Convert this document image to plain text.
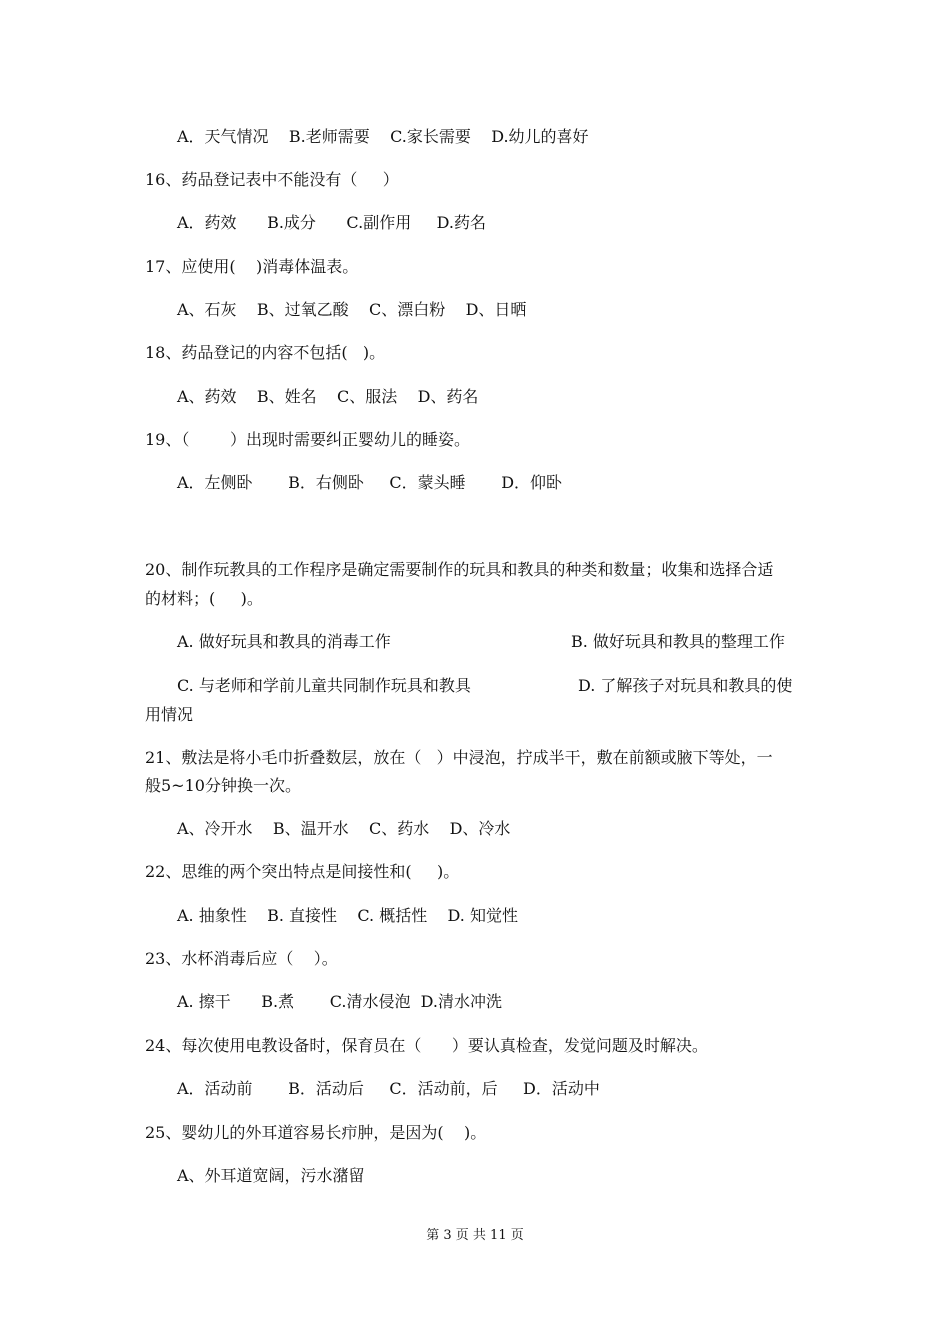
A．天气情况    B.老师需要    C.家长需要    D.幼儿的喜好
16、药品登记表中不能没有（     ）
A．药效      B.成分      C.副作用     D.药名
17、应使用(    )消毒体温表。
A、石灰    B、过氧乙酸    C、漂白粉    D、日晒
18、药品登记的内容不包括(   )。
A、药效    B、姓名    C、服法    D、药名
19、（        ）出现时需要纠正婴幼儿的睡姿。
A．左侧卧       B．右侧卧     C．蒙头睡       D．仰卧
20、制作玩教具的工作程序是确定需要制作的玩具和教具的种类和数量；收集和选择合适
的材料；(     )。
A. 做好玩具和教具的消毒工作	B. 做好玩具和教具的整理工作
C. 与老师和学前儿童共同制作玩具和教具	D. 了解孩子对玩具和教具的使
用情况
21、敷法是将小毛巾折叠数层，放在（   ）中浸泡，拧成半干，敷在前额或腋下等处，一
般5~10分钟换一次。
A、冷开水    B、温开水    C、药水    D、冷水
22、思维的两个突出特点是间接性和(     )。
A. 抽象性    B. 直接性    C. 概括性    D. 知觉性
23、水杯消毒后应（    ）。
A. 擦干      B.煮       C.清水侵泡  D.清水冲洗
24、每次使用电教设备时，保育员在（      ）要认真检查，发觉问题及时解决。
A．活动前       B．活动后     C．活动前，后     D．活动中
25、婴幼儿的外耳道容易长疖肿，是因为(    )。
A、外耳道宽阔，污水潴留
第 3 页 共 11 页
